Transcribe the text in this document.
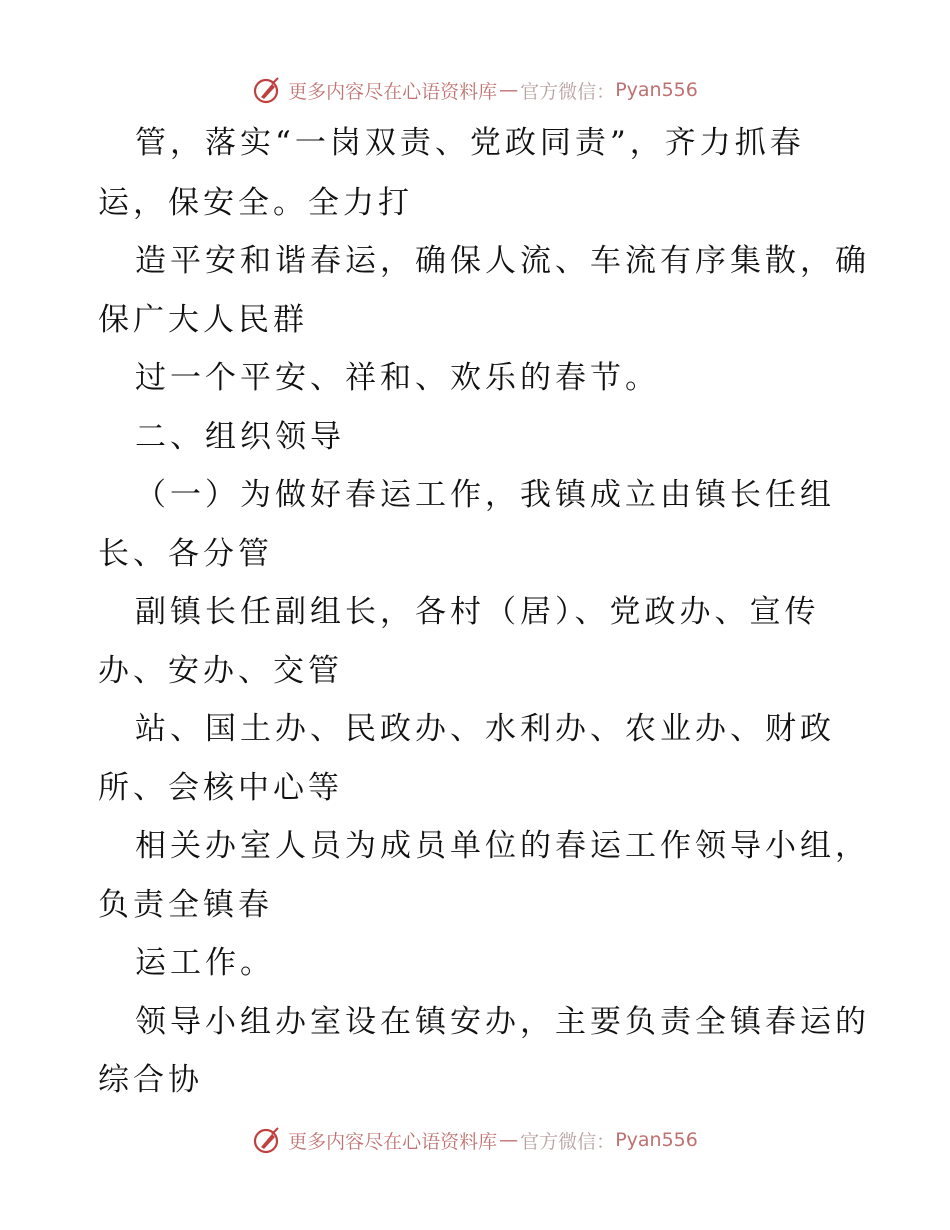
更多内容尽在心语资料库 — 官方微信： Pyan556
管，落实“一岗双责、党政同责”，齐力抓春
运，保安全。全力打
造平安和谐春运，确保人流、车流有序集散，确
保广大人民群
过一个平安、祥和、欢乐的春节。
二、组织领导
（一）为做好春运工作，我镇成立由镇长任组
长、各分管
副镇长任副组长，各村（居）、党政办、宣传
办、安办、交管
站、国土办、民政办、水利办、农业办、财政
所、会核中心等
相关办室人员为成员单位的春运工作领导小组，
负责全镇春
运工作。
领导小组办室设在镇安办，主要负责全镇春运的
综合协
更多内容尽在心语资料库 — 官方微信： Pyan556
